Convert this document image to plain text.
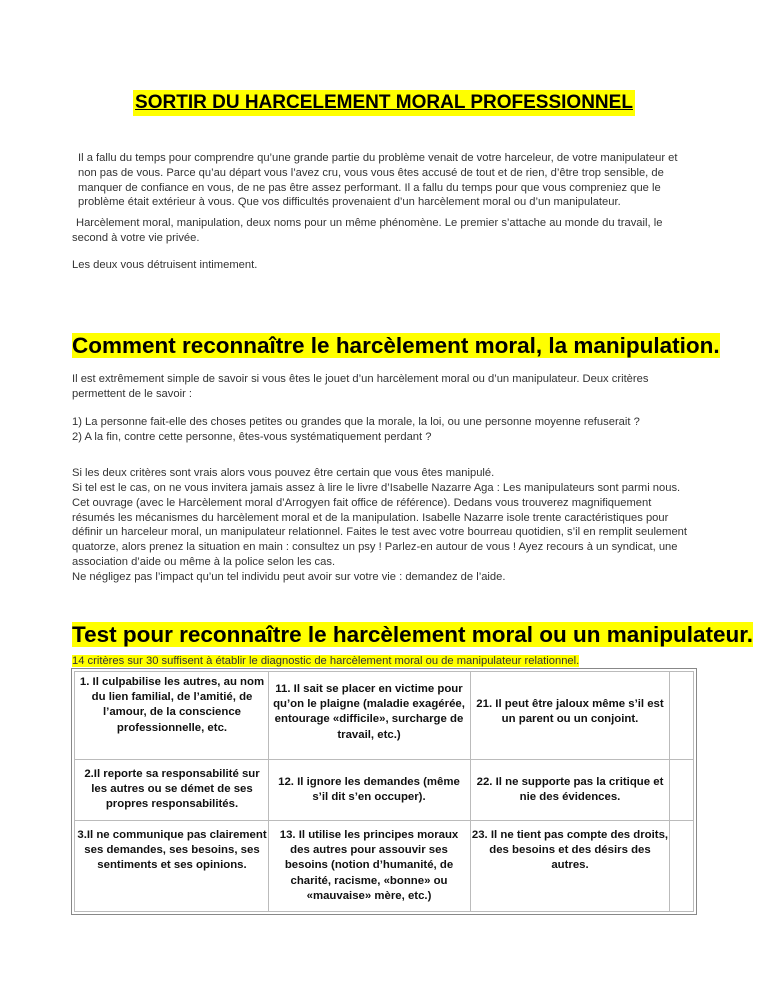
SORTIR DU HARCELEMENT MORAL PROFESSIONNEL

Il a fallu du temps pour comprendre qu’une grande partie du problème venait de votre harceleur, de votre manipulateur et non pas de vous. Parce qu’au départ vous l’avez cru, vous vous êtes accusé de tout et de rien, d’être trop sensible, de manquer de confiance en vous, de ne pas être assez performant. Il a fallu du temps pour que vous compreniez que le problème était extérieur à vous. Que vos difficultés provenaient d’un harcèlement moral ou d’un manipulateur.

Harcèlement moral, manipulation, deux noms pour un même phénomène. Le premier s’attache au monde du travail, le second à votre vie privée.

Les deux vous détruisent intimement.

Comment reconnaître le harcèlement moral, la manipulation.

Il est extrêmement simple de savoir si vous êtes le jouet d’un harcèlement moral ou d’un manipulateur. Deux critères permettent de le savoir :

1) La personne fait-elle des choses petites ou grandes que la morale, la loi, ou une personne moyenne refuserait ?

2) A la fin, contre cette personne, êtes-vous systématiquement perdant ?

Si les deux critères sont vrais alors vous pouvez être certain que vous êtes manipulé.

Si tel est le cas, on ne vous invitera jamais assez à lire le livre d’Isabelle Nazarre Aga : Les manipulateurs sont parmi nous. Cet ouvrage (avec le Harcèlement moral d’Arrogyen fait office de référence). Dedans vous trouverez magnifiquement résumés les mécanismes du harcèlement moral et de la manipulation. Isabelle Nazarre isole trente caractéristiques pour définir un harceleur moral, un manipulateur relationnel. Faites le test avec votre bourreau quotidien, s’il en remplit seulement quatorze, alors prenez la situation en main : consultez un psy ! Parlez-en autour de vous ! Ayez recours à un syndicat, une association d’aide ou même à la police selon les cas.

Ne négligez pas l’impact qu’un tel individu peut avoir sur votre vie : demandez de l’aide.

Test pour reconnaître le harcèlement moral ou un manipulateur.

14 critères sur 30 suffisent à établir le diagnostic de harcèlement moral ou de manipulateur relationnel.

1. Il culpabilise les autres, au nom du lien familial, de l’amitié, de l’amour, de la conscience professionnelle, etc.
11. Il sait se placer en victime pour qu’on le plaigne (maladie exagérée, entourage «difficile», surcharge de travail, etc.)
21. Il peut être jaloux même s’il est un parent ou un conjoint.
2.Il reporte sa responsabilité sur les autres ou se démet de ses propres responsabilités.
12. Il ignore les demandes (même s’il dit s’en occuper).
22. Il ne supporte pas la critique et nie des évidences.
3.Il ne communique pas clairement ses demandes, ses besoins, ses sentiments et ses opinions.
13. Il utilise les principes moraux des autres pour assouvir ses besoins (notion d’humanité, de charité, racisme, «bonne» ou «mauvaise» mère, etc.)
23. Il ne tient pas compte des droits, des besoins et des désirs des autres.
